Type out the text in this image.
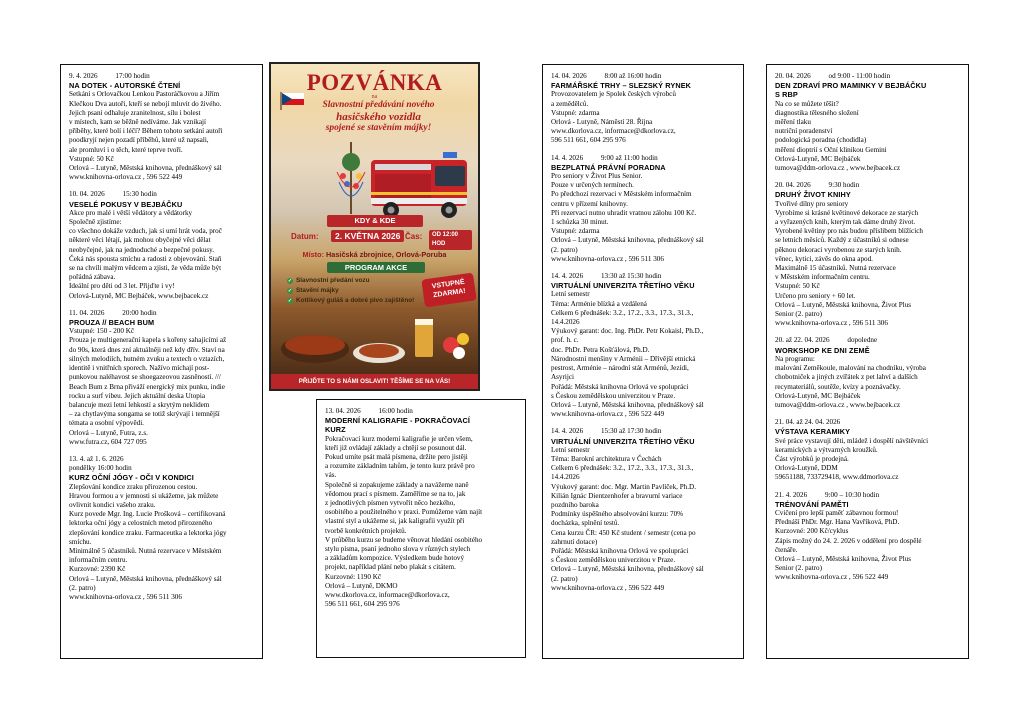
9. 4. 2026          17:00 hodin
NA DOTEK - AUTORSKÉ ČTENÍ
Setkání s Orlovačkou Lenkou Pastoráčkovou a Jiřím
Klečkou Dva autoři, kteří se nebojí mluvit do živého.
Jejich psaní odhaluje zranitelnost, sílu i bolest
v místech, kam se běžně nedíváme. Jak vznikají
příběhy, které bolí i léčí? Během tohoto setkání autoři
poodkryjí nejen pozadí příběhů, které už napsali,
ale promluví i o těch, které teprve tvoří.
Vstupné: 50 Kč
Orlová – Lutyně, Městská knihovna, přednáškový sál
www.knihovna-orlova.cz , 596 522 449
10. 04. 2026          15:30 hodin
VESELÉ POKUSY V BEJBÁČKU
Akce pro malé i větší vědátory a vědátorky
Společně zjistíme:
co všechno dokáže vzduch, jak si umí hrát voda, proč
některé věci létají, jak mohou obyčejné věci dělat
neobyčejné, jak na jednoduché a bezpečné pokusy.
Čeká nás spousta smíchu a radosti z objevování. Staň
se na chvíli malým vědcem a zjisti, že věda může být
pořádná zábava.
Ideální pro děti od 3 let. Přijďte i vy!
Orlová-Lutyně, MC Bejbáček, www.bejbacek.cz
11. 04. 2026          20:00 hodin
PROUZA // BEACH BUM
Vstupné: 150 - 200 Kč
Prouza je multigenerační kapela s kořeny sahajícími až
do 90s, která dnes zní aktuálněji než kdy dřív. Staví na
silných melodiích, hutném zvuku a textech o vztazích,
identitě i vnitřních sporech. Nažívo míchají post-
punkovou naléhavost se shoegazeovou zasněností. ///
Beach Bum z Brna přiváží energický mix punku, indie
rocku a surf vibeu. Jejich aktuální deska Utopia
balancuje mezi letní lehkostí a skrytým neklidem
– za chytlavýma songama se totiž skrývají i temnější
témata a osobní výpovědi.
Orlová – Lutyně, Futra, z.s.
www.futra.cz, 604 727 095
13. 4. až 1. 6. 2026
pondělky 16:00 hodin
KURZ OČNÍ JÓGY - OČI V KONDICI
Zlepšování kondice zraku přirozenou cestou.
Hravou formou a v jemnosti si ukážeme, jak můžete
ovlivnit kondici vašeho zraku.
Kurz povede Mgr. Ing. Lucie Prošková – certifikovaná
lektorka oční jógy a celostních metod přirozeného
zlepšování kondice zraku. Farmaceutka a lektorka jógy
smíchu.
Minimálně 5 účastníků. Nutná rezervace v Městském
informačním centru.
Kurzovné: 2390 Kč
Orlová – Lutyně, Městská knihovna, přednáškový sál
(2. patro)
www.knihovna-orlova.cz , 596 511 306
POZVÁNKA
na
Slavnostní předávání nového
hasičského vozidla
spojené se stavěním májky!
KDY & KDE
Datum:	2. KVĚTNA 2026 Čas:	OD 12:00 HOD
Místo: Hasičská zbrojnice, Orlová-Poruba
PROGRAM AKCE
✓ Slavnostní předání vozu
✓ Stavění májky
✓ Kotlíkový guláš a dobré pivo zajištěno!
VSTUPNÉ
ZDARMA!
PŘIJĎTE TO S NÁMI OSLAVIT! TĚŠÍME SE NA VÁS!
13. 04. 2026          16:00 hodin
MODERNÍ KALIGRAFIE - POKRAČOVACÍ
KURZ
Pokračovací kurz moderní kaligrafie je určen všem,
kteří již ovládají základy a chtějí se posunout dál.
Pokud umíte psát malá písmena, držíte pero jistěji
a rozumíte základním tahům, je tento kurz právě pro
vás.
Společně si zopakujeme základy a navážeme naně
vědomou prací s písmem. Zaměříme se na to, jak
z jednotlivých písmen vytvořit něco hezkého,
osobitého a použitelného v praxi. Pomůžeme vám najít
vlastní styl a ukážeme si, jak kaligrafii využít při
tvorbě konkrétních projektů.
V průběhu kurzu se budeme věnovat hledání osobitého
stylu písma, psaní jednoho slova v různých stylech
a základům kompozice. Výsledkem bude hotový
projekt, například plání nebo plakát s citátem.
Kurzovné: 1190 Kč
Orlová – Lutyně, DKMO
www.dkorlova.cz, informace@dkorlova.cz,
596 511 661, 604 295 976
14. 04. 2026          8:00 až 16:00 hodin
FARMÁŘSKÉ TRHY – SLEZSKÝ RYNEK
Provozovatelem je Spolek českých výrobců
a zemědělců.
Vstupné: zdarma
Orlová - Lutyně, Náměstí 28. Října
www.dkorlova.cz, informace@dkorlova.cz,
596 511 661, 604 295 976
14. 4. 2026          9:00 až 11:00 hodin
BEZPLATNÁ PRÁVNÍ PORADNA
Pro seniory v Život Plus Senior.
Pouze v určených termínech.
Po předchozí rezervaci v Městském informačním
centru v přízemí knihovny.
Při rezervaci nutno uhradit vratnou zálohu 100 Kč.
1 schůzka 30 minut.
Vstupné: zdarma
Orlová – Lutyně, Městská knihovna, přednáškový sál
(2. patro)
www.knihovna-orlova.cz , 596 511 306
14. 4. 2026          13:30 až 15:30 hodin
VIRTUÁLNÍ UNIVERZITA TŘETÍHO VĚKU
Letní semestr
Téma: Arménie blízká a vzdálená
Celkem 6 přednášek: 3.2., 17.2., 3.3., 17.3., 31.3.,
14.4.2026
Výukový garant: doc. Ing. PhDr. Petr Kokaisl, Ph.D.,
prof. h. c.
doc. PhDr. Petra Košťálová, Ph.D.
Národnostní menšiny v Arménii – Dřívější etnická
pestrost, Arménie – národní stát Arménů, Jezídi,
Asyrijci
Pořádá: Městská knihovna Orlová ve spolupráci
s Českou zemědělskou univerzitou v Praze.
Orlová – Lutyně, Městská knihovna, přednáškový sál
www.knihovna-orlova.cz , 596 522 449
14. 4. 2026          15:30 až 17:30 hodin
VIRTUÁLNÍ UNIVERZITA TŘETÍHO VĚKU
Letní semestr
Téma: Barokní architektura v Čechách
Celkem 6 přednášek: 3.2., 17.2., 3.3., 17.3., 31.3.,
14.4.2026
Výukový garant: doc. Mgr. Martin Pavlíček, Ph.D.
Kilián Ignác Dientzenhofer a bravurní variace
pozdního baroka
Podmínky úspěšného absolvování kurzu: 70%
docházka, splnění testů.
Cena kurzu ČR: 450 Kč student / semestr (cena po
zahrnutí dotace)
Pořádá: Městská knihovna Orlová ve spolupráci
s Českou zemědělskou univerzitou v Praze.
Orlová – Lutyně, Městská knihovna, přednáškový sál
(2. patro)
www.knihovna-orlova.cz , 596 522 449
20. 04. 2026          od 9:00 - 11:00 hodin
DEN ZDRAVÍ PRO MAMINKY V BEJBÁČKU
S RBP
Na co se můžete těšit?
diagnostika tělesného složení
měření tlaku
nutriční poradenství
podologická poradna (chodidla)
měření dioptrií s Oční klinikou Gemini
Orlová-Lutyně, MC Bejbáček
tumova@ddm-orlova.cz , www.bejbacek.cz
20. 04. 2026          9:30 hodin
DRUHÝ ŽIVOT KNIHY
Tvořivé dílny pro seniory
Vyrobíme si krásné květinové dekorace ze starých
a vyřazených knih, kterým tak dáme druhý život.
Vyrobené květiny pro nás budou příslibem blížících
se letních měsíců. Každý z účastníků si odnese
pěknou dekoraci vyrobenou ze starých knih.
věnec, kytici, závěs do okna apod.
Maximálně 15 účastníků. Nutná rezervace
v Městském informačním centru.
Vstupné: 50 Kč
Určeno pro seniory + 60 let.
Orlová – Lutyně, Městská knihovna, Život Plus
Senior (2. patro)
www.knihovna-orlova.cz , 596 511 306
20. až 22. 04. 2026          dopoledne
WORKSHOP KE DNI ZEMĚ
Na programu:
malování Zeměkoule, malování na chodníku, výroba
chobotniček a jiných zvířátek z pet lahví a dalších
recymateriálů, soutěže, kvízy a poznávačky.
Orlová-Lutyně, MC Bejbáček
tumova@ddm-orlova.cz , www.bejbacek.cz
21. 04. až 24. 04. 2026
VÝSTAVA KERAMIKY
Své práce vystavují děti, mládež i dospělí návštěvníci
keramických a výtvarných kroužků.
Část výrobků je prodejná.
Orlová-Lutyně, DDM
59651188, 733729418, www.ddmorlova.cz
21. 4. 2026          9:00 – 10:30 hodin
TRÉNOVÁNÍ PAMĚTI
Cvičení pro lepší paměť zábavnou formou!
Přednáší PhDr. Mgr. Hana Vavříková, PhD.
Kurzovné: 200 Kč/cyklus
Zápis možný do 24. 2. 2026 v oddělení pro dospělé
čtenáře.
Orlová – Lutyně, Městská knihovna, Život Plus
Senior (2. patro)
www.knihovna-orlova.cz , 596 522 449
